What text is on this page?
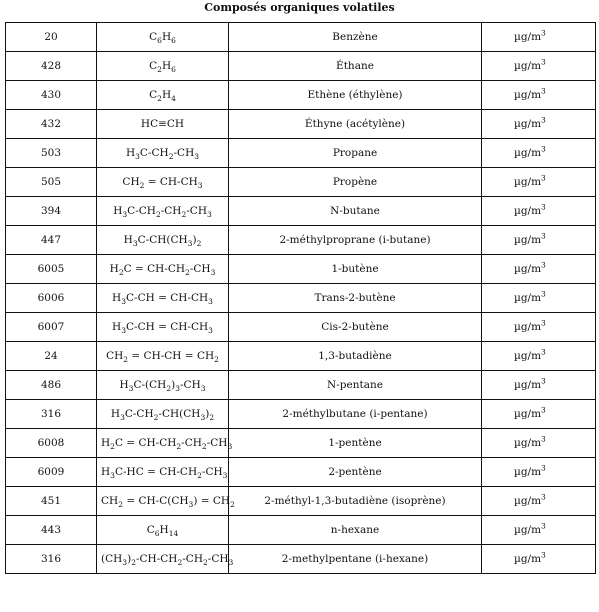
Composés organiques volatiles
20	$C_6H_6$	Benzène	$\mu g/m^3$
428	$C_2H_6$	Éthane	$\mu g/m^3$
430	$C_2H_4$	Ethène (éthylène)	$\mu g/m^3$
432	HC≡CH	Éthyne (acétylène)	$\mu g/m^3$
503	$H_3C-CH_2-CH_3$	Propane	$\mu g/m^3$
505	$CH_2 = CH-CH_3$	Propène	$\mu g/m^3$
394	$H_3C-CH_2-CH_2-CH_3$	N-butane	$\mu g/m^3$
447	$H_3C-CH(CH_3)_2$	2-méthylproprane (i-butane)	$\mu g/m^3$
6005	$H_2C = CH-CH_2-CH_3$	1-butène	$\mu g/m^3$
6006	$H_3C-CH = CH-CH_3$	Trans-2-butène	$\mu g/m^3$
6007	$H_3C-CH = CH-CH_3$	Cis-2-butène	$\mu g/m^3$
24	$CH_2 = CH-CH = CH_2$	1,3-butadiène	$\mu g/m^3$
486	$H_3C-(CH_2)_3-CH_3$	N-pentane	$\mu g/m^3$
316	$H_3C-CH_2-CH(CH_3)_2$	2-méthylbutane (i-pentane)	$\mu g/m^3$
6008	$H_2C = CH-CH_2-CH_2-CH_3$	1-pentène	$\mu g/m^3$
6009	$H_3C-HC = CH-CH_2-CH_3$	2-pentène	$\mu g/m^3$
451	$CH_2 = CH-C(CH_3) = CH_2$	2-méthyl-1,3-butadiène (isoprène)	$\mu g/m^3$
443	$C_6H_{14}$	n-hexane	$\mu g/m^3$
316	$(CH_3)_2-CH-CH_2-CH_2-CH_3$	2-methylpentane (i-hexane)	$\mu g/m^3$
